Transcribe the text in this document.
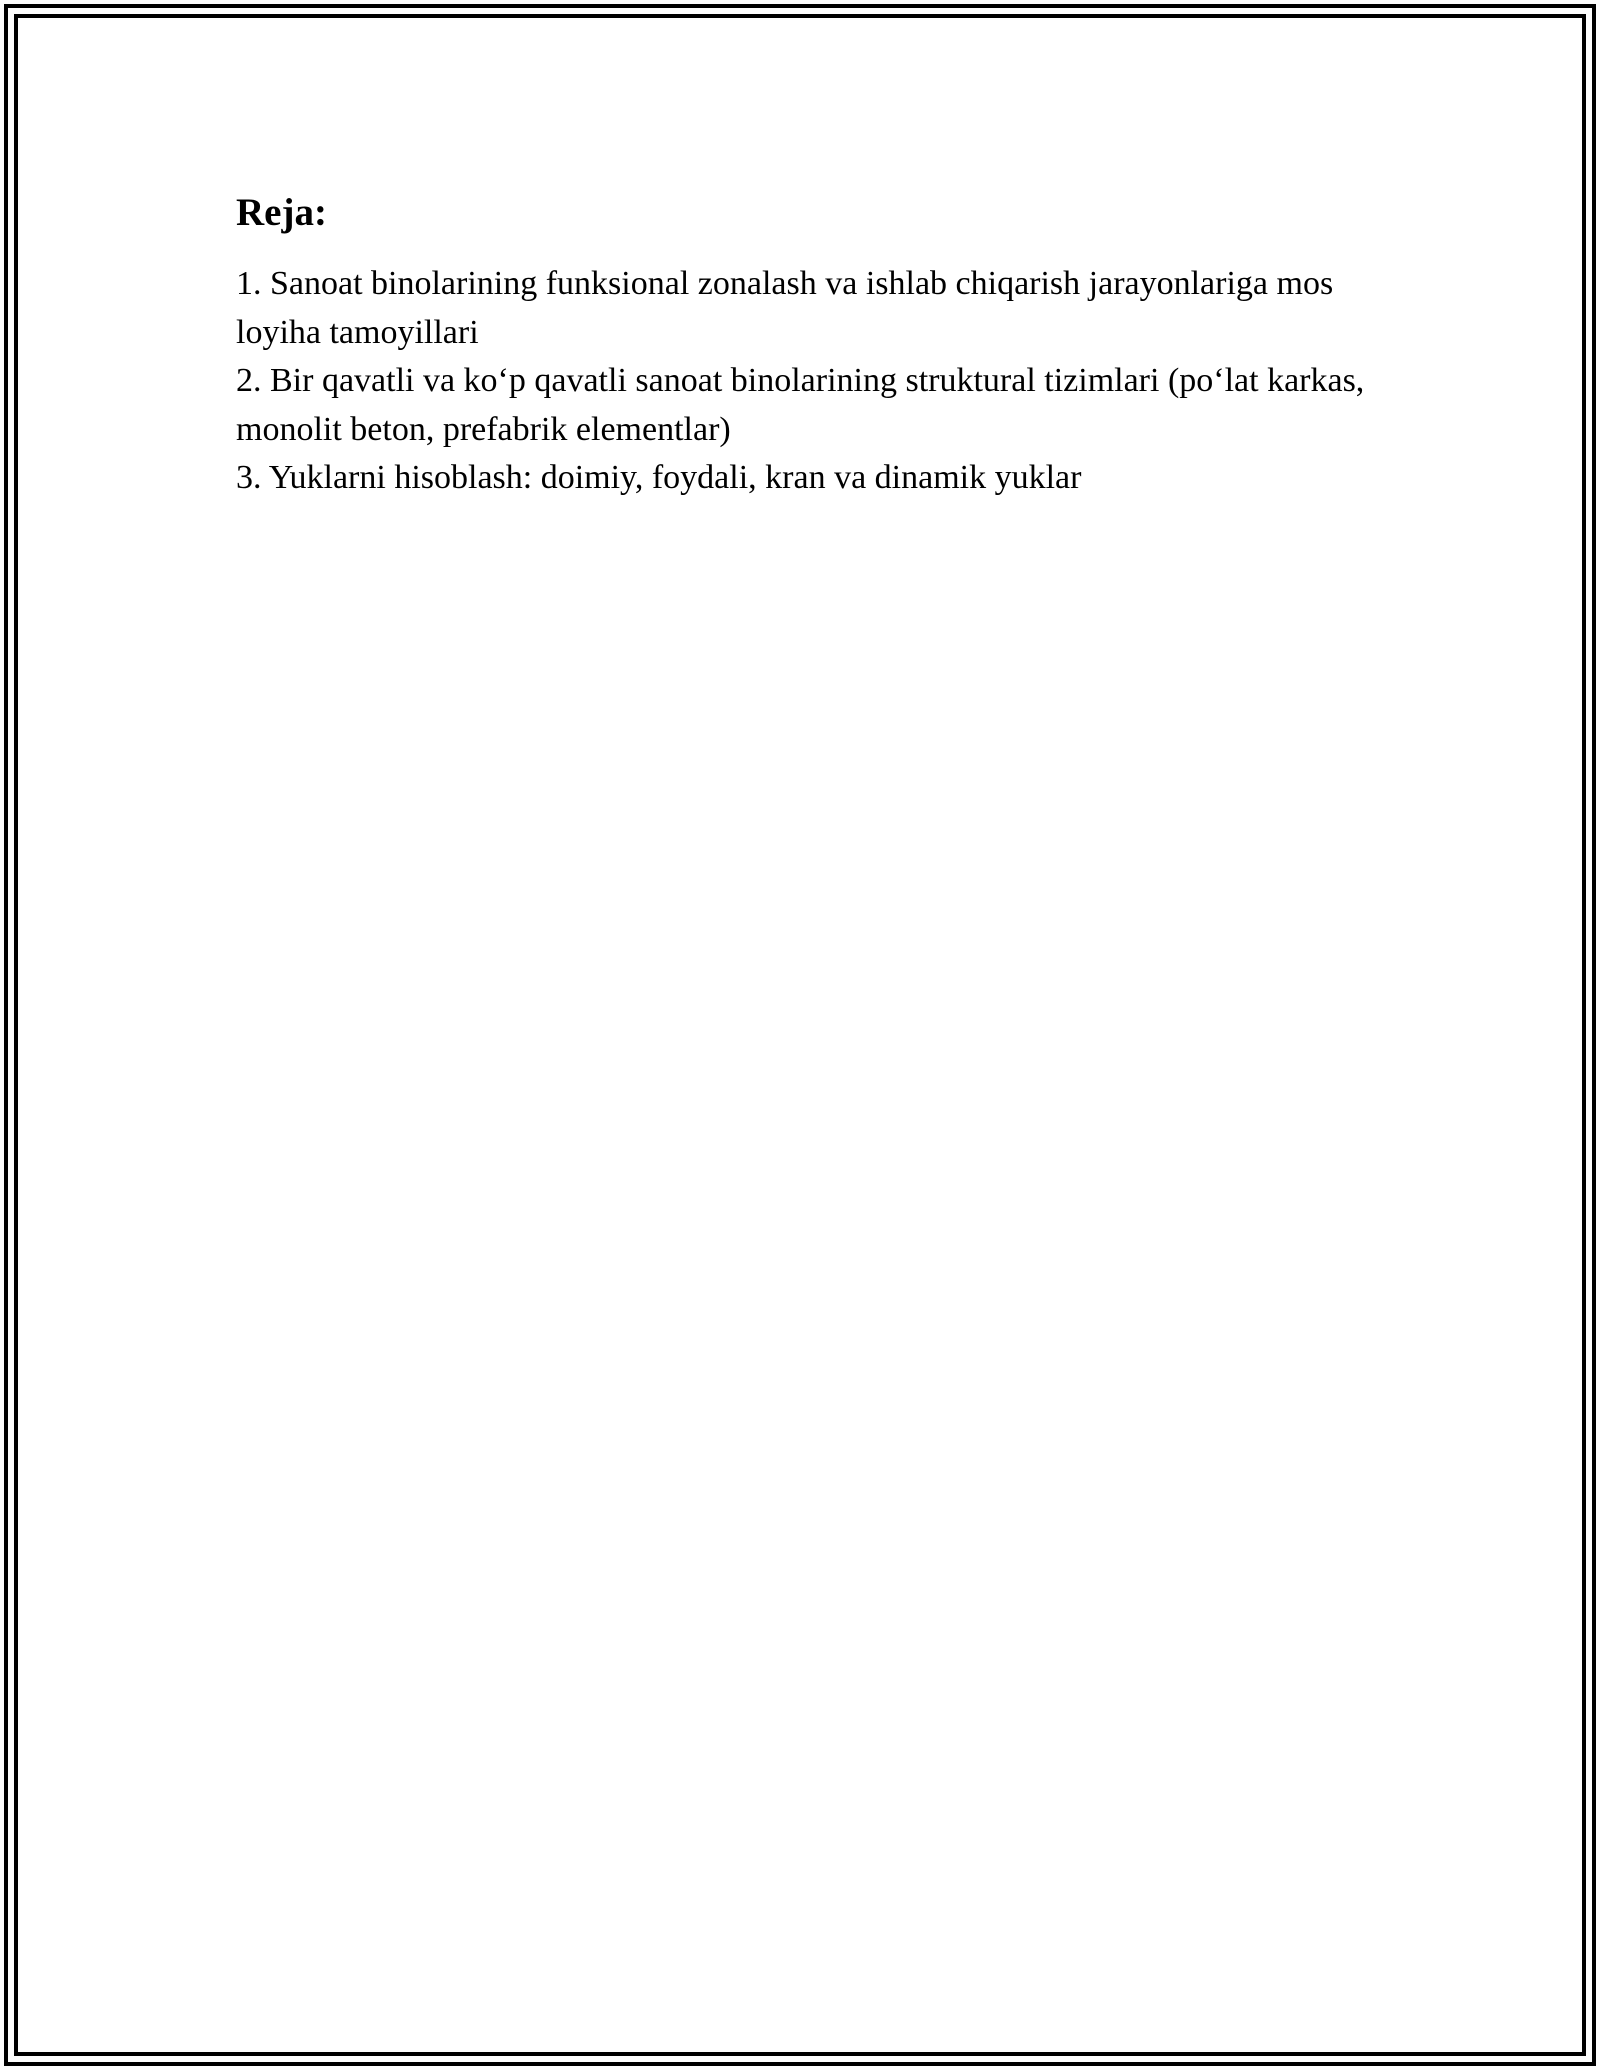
Reja:
1. Sanoat binolarining funksional zonalash va ishlab chiqarish jarayonlariga mos loyiha tamoyillari
2. Bir qavatli va koʻp qavatli sanoat binolarining struktural tizimlari (poʻlat karkas, monolit beton, prefabrik elementlar)
3. Yuklarni hisoblash: doimiy, foydali, kran va dinamik yuklar
